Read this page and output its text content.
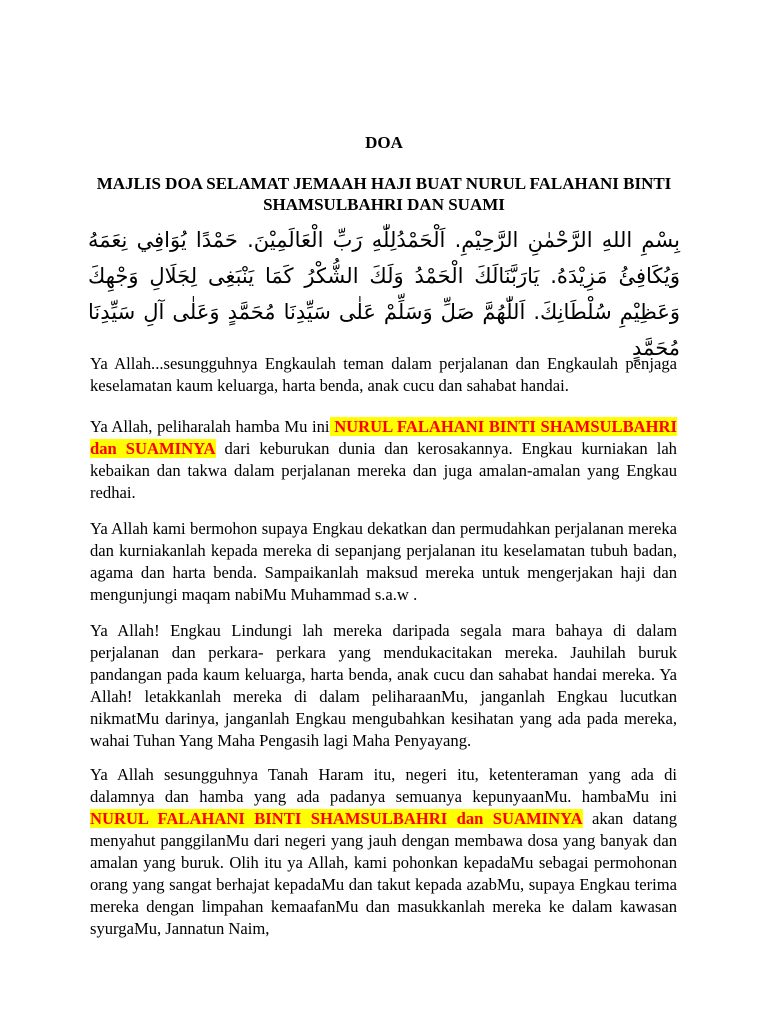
DOA
MAJLIS DOA SELAMAT JEMAAH HAJI BUAT NURUL FALAHANI BINTI SHAMSULBAHRI DAN SUAMI

بِسْمِ اللهِ الرَّحْمٰنِ الرَّحِيْمِ. اَلْحَمْدُلِلّٰهِ رَبِّ الْعَالَمِيْنَ. حَمْدًا يُوَافِي نِعَمَهُ وَيُكَافِئُ مَزِيْدَهُ. يَارَبَّنَالَكَ الْحَمْدُ وَلَكَ الشُّكْرُ كَمَا يَنْبَغِى لِجَلَالِ وَجْهِكَ وَعَظِيْمِ سُلْطَانِكَ. اَللّٰهُمَّ صَلِّ وَسَلِّمْ عَلٰى سَيِّدِنَا مُحَمَّدٍ وَعَلٰى آلِ سَيِّدِنَا مُحَمَّدٍ

Ya Allah...sesungguhnya Engkaulah teman dalam perjalanan dan Engkaulah penjaga keselamatan kaum keluarga, harta benda, anak cucu dan sahabat handai.

Ya Allah, peliharalah hamba Mu ini NURUL FALAHANI BINTI SHAMSULBAHRI dan SUAMINYA dari keburukan dunia dan kerosakannya. Engkau kurniakan lah kebaikan dan takwa dalam perjalanan mereka dan juga amalan-amalan yang Engkau redhai.

Ya Allah kami bermohon supaya Engkau dekatkan dan permudahkan perjalanan mereka dan kurniakanlah kepada mereka di sepanjang perjalanan itu keselamatan tubuh badan, agama dan harta benda. Sampaikanlah maksud mereka untuk mengerjakan haji dan mengunjungi maqam nabiMu Muhammad s.a.w .

Ya Allah! Engkau Lindungi lah mereka daripada segala mara bahaya di dalam perjalanan dan perkara- perkara yang mendukacitakan mereka. Jauhilah buruk pandangan pada kaum keluarga, harta benda, anak cucu dan sahabat handai mereka. Ya Allah! letakkanlah mereka di dalam peliharaanMu, janganlah Engkau lucutkan nikmatMu darinya, janganlah Engkau mengubahkan kesihatan yang ada pada mereka, wahai Tuhan Yang Maha Pengasih lagi Maha Penyayang.

Ya Allah sesungguhnya Tanah Haram itu, negeri itu, ketenteraman yang ada di dalamnya dan hamba yang ada padanya semuanya kepunyaanMu. hambaMu ini NURUL FALAHANI BINTI SHAMSULBAHRI dan SUAMINYA akan datang menyahut panggilanMu dari negeri yang jauh dengan membawa dosa yang banyak dan amalan yang buruk. Olih itu ya Allah, kami pohonkan kepadaMu sebagai permohonan orang yang sangat berhajat kepadaMu dan takut kepada azabMu, supaya Engkau terima mereka dengan limpahan kemaafanMu dan masukkanlah mereka ke dalam kawasan syurgaMu, Jannatun Naim,
